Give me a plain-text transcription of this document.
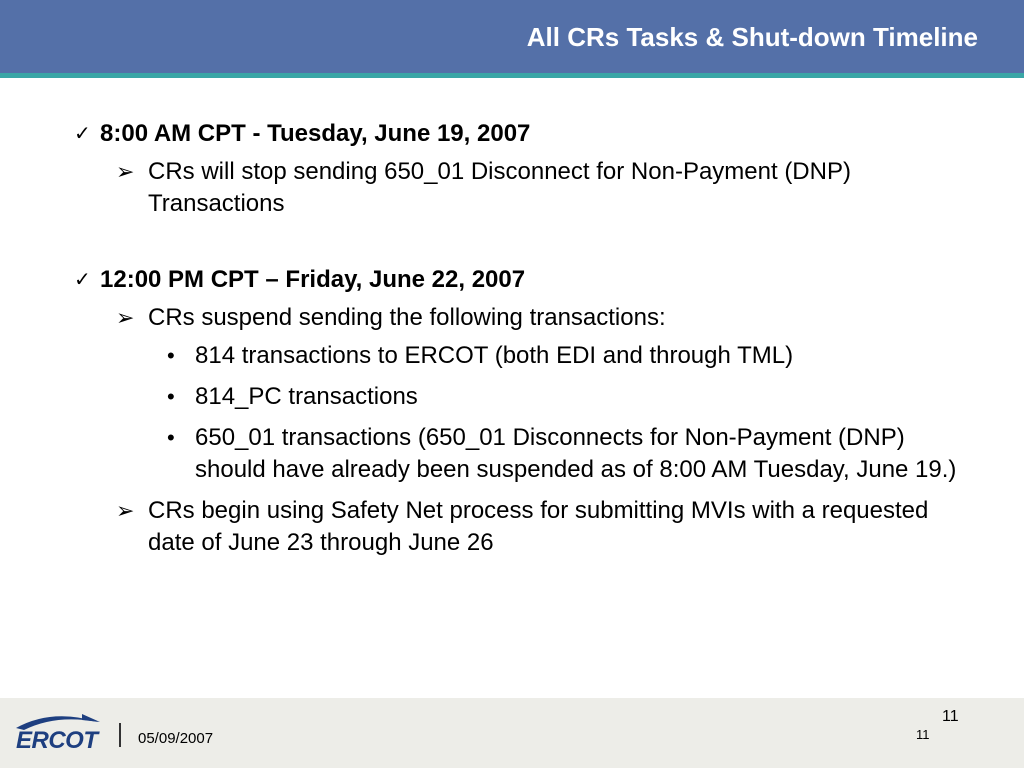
All CRs Tasks & Shut-down Timeline
✓ 8:00 AM CPT - Tuesday, June 19, 2007
➢ CRs will stop sending 650_01 Disconnect for Non-Payment (DNP) Transactions
✓ 12:00 PM CPT – Friday, June 22, 2007
➢ CRs suspend sending the following transactions:
• 814 transactions to ERCOT (both EDI and through TML)
• 814_PC transactions
• 650_01 transactions (650_01 Disconnects for Non-Payment (DNP) should have already been suspended as of 8:00 AM Tuesday, June 19.)
➢ CRs begin using Safety Net process for submitting MVIs with a requested date of June 23 through June 26
ERCOT	05/09/2007
11
11
